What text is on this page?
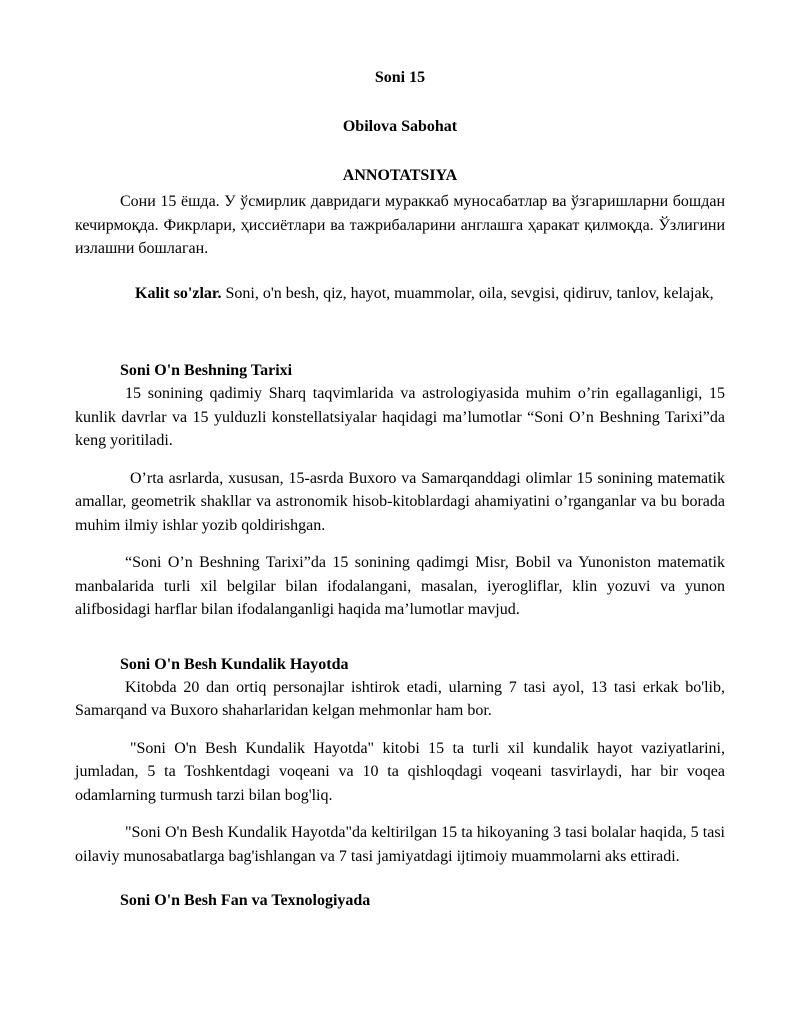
Soni 15
Obilova Sabohat
ANNOTATSIYA

Сони 15 ёшда. У ўсмирлик давридаги мураккаб муносабатлар ва ўзгаришларни бошдан кечирмоқда. Фикрлари, ҳиссиётлари ва тажрибаларини англашга ҳаракат қилмоқда. Ўзлигини излашни бошлаган.

Kalit so'zlar. Soni, o'n besh, qiz, hayot, muammolar, oila, sevgisi, qidiruv, tanlov, kelajak,

Soni O'n Beshning Tarixi

15 sonining qadimiy Sharq taqvimlarida va astrologiyasida muhim o’rin egallaganligi, 15 kunlik davrlar va 15 yulduzli konstellatsiyalar haqidagi ma’lumotlar “Soni O’n Beshning Tarixi”da keng yoritiladi.

O’rta asrlarda, xususan, 15-asrda Buxoro va Samarqanddagi olimlar 15 sonining matematik amallar, geometrik shakllar va astronomik hisob-kitoblardagi ahamiyatini o’rganganlar va bu borada muhim ilmiy ishlar yozib qoldirishgan.

“Soni O’n Beshning Tarixi”da 15 sonining qadimgi Misr, Bobil va Yunoniston matematik manbalarida turli xil belgilar bilan ifodalangani, masalan, iyerogliflar, klin yozuvi va yunon alifbosidagi harflar bilan ifodalanganligi haqida ma’lumotlar mavjud.

Soni O'n Besh Kundalik Hayotda

Kitobda 20 dan ortiq personajlar ishtirok etadi, ularning 7 tasi ayol, 13 tasi erkak bo'lib, Samarqand va Buxoro shaharlaridan kelgan mehmonlar ham bor.

"Soni O'n Besh Kundalik Hayotda" kitobi 15 ta turli xil kundalik hayot vaziyatlarini, jumladan, 5 ta Toshkentdagi voqeani va 10 ta qishloqdagi voqeani tasvirlaydi, har bir voqea odamlarning turmush tarzi bilan bog'liq.

"Soni O'n Besh Kundalik Hayotda"da keltirilgan 15 ta hikoyaning 3 tasi bolalar haqida, 5 tasi oilaviy munosabatlarga bag'ishlangan va 7 tasi jamiyatdagi ijtimoiy muammolarni aks ettiradi.

Soni O'n Besh Fan va Texnologiyada
